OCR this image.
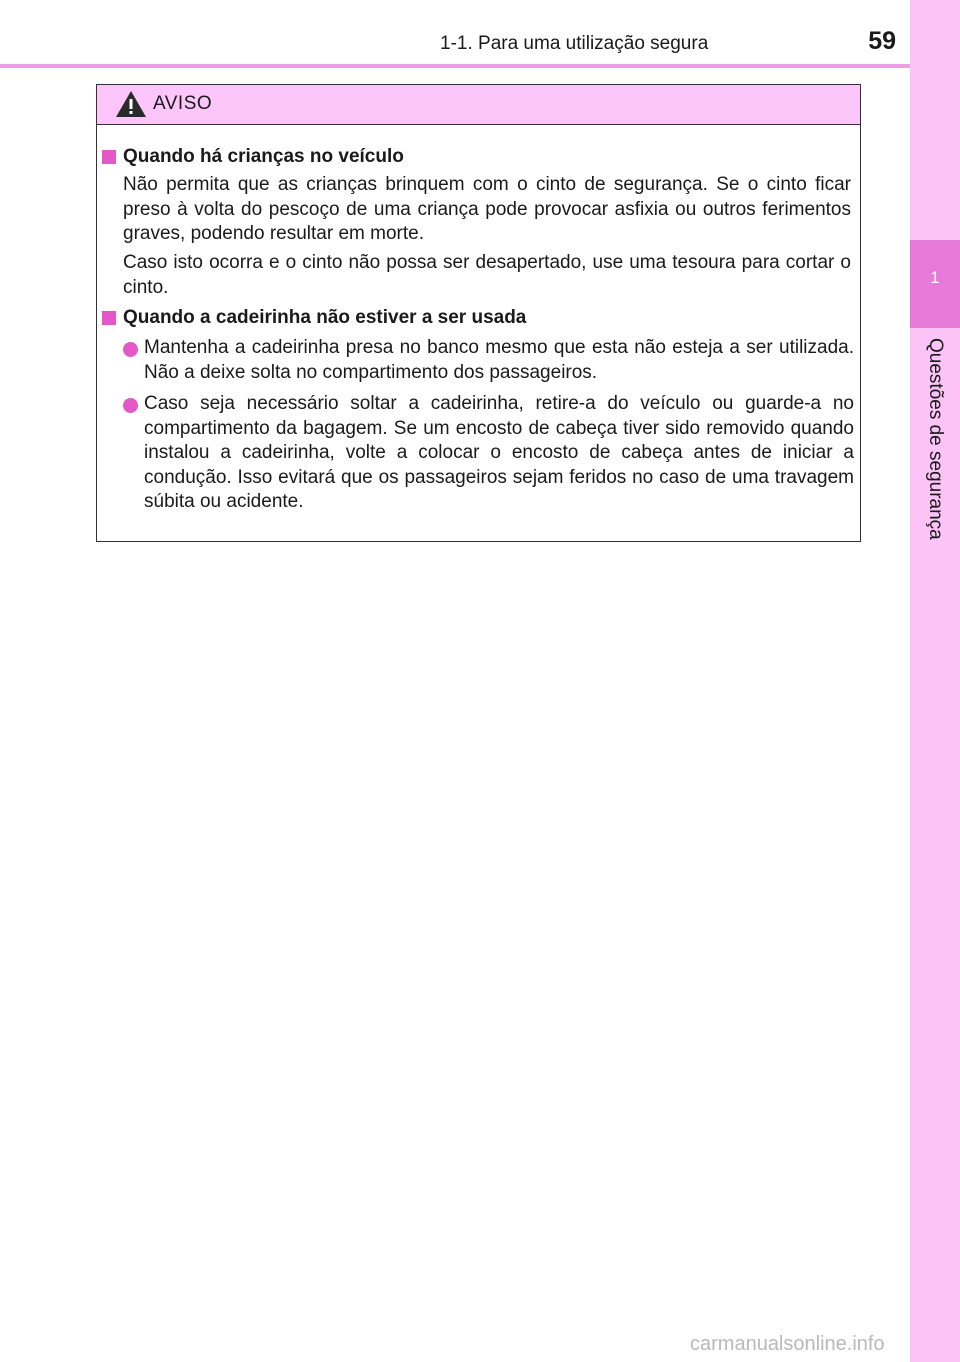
1-1. Para uma utilização segura	59
1
Questões de segurança
AVISO
Quando há crianças no veículo

Não permita que as crianças brinquem com o cinto de segurança. Se o cinto ficar preso à volta do pescoço de uma criança pode provocar asfixia ou outros ferimentos graves, podendo resultar em morte.

Caso isto ocorra e o cinto não possa ser desapertado, use uma tesoura para cortar o cinto.

Quando a cadeirinha não estiver a ser usada

Mantenha a cadeirinha presa no banco mesmo que esta não esteja a ser utilizada. Não a deixe solta no compartimento dos passageiros.

Caso seja necessário soltar a cadeirinha, retire-a do veículo ou guarde-a no compartimento da bagagem. Se um encosto de cabeça tiver sido removido quando instalou a cadeirinha, volte a colocar o encosto de cabeça antes de iniciar a condução. Isso evitará que os passageiros sejam feridos no caso de uma travagem súbita ou acidente.

carmanualsonline.info
